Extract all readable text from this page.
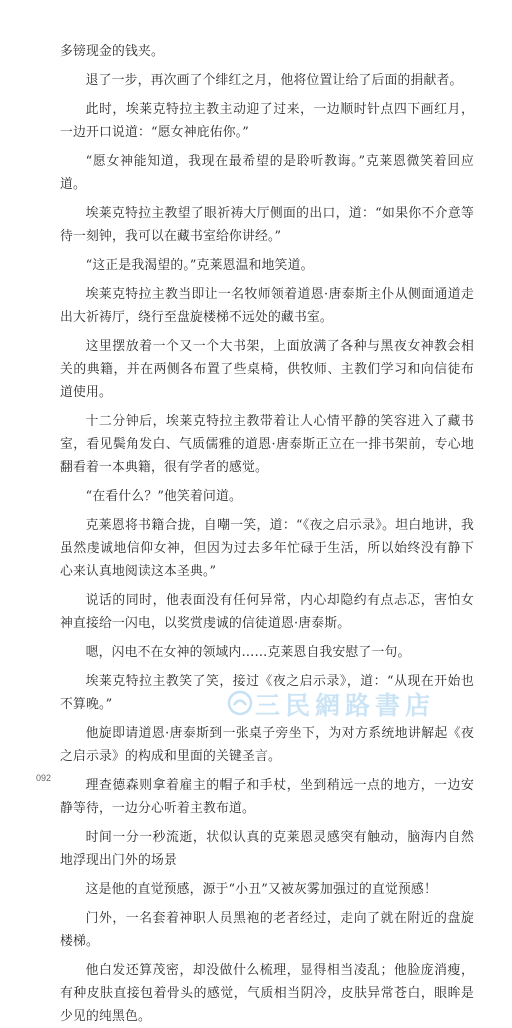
多镑现金的钱夹。

退了一步，再次画了个绯红之月，他将位置让给了后面的捐献者。

此时，埃莱克特拉主教主动迎了过来，一边顺时针点四下画红月，一边开口说道：“愿女神庇佑你。”

“愿女神能知道，我现在最希望的是聆听教诲。”克莱恩微笑着回应道。

埃莱克特拉主教望了眼祈祷大厅侧面的出口，道：“如果你不介意等待一刻钟，我可以在藏书室给你讲经。”

“这正是我渴望的。”克莱恩温和地笑道。

埃莱克特拉主教当即让一名牧师领着道恩·唐泰斯主仆从侧面通道走出大祈祷厅，绕行至盘旋楼梯不远处的藏书室。

这里摆放着一个又一个大书架，上面放满了各种与黑夜女神教会相关的典籍，并在两侧各布置了些桌椅，供牧师、主教们学习和向信徒布道使用。

十二分钟后，埃莱克特拉主教带着让人心情平静的笑容进入了藏书室，看见鬓角发白、气质儒雅的道恩·唐泰斯正立在一排书架前，专心地翻看着一本典籍，很有学者的感觉。

“在看什么？”他笑着问道。

克莱恩将书籍合拢，自嘲一笑，道：“《夜之启示录》。坦白地讲，我虽然虔诚地信仰女神，但因为过去多年忙碌于生活，所以始终没有静下心来认真地阅读这本圣典。”

说话的同时，他表面没有任何异常，内心却隐约有点忐忑，害怕女神直接给一闪电，以奖赏虔诚的信徒道恩·唐泰斯。

嗯，闪电不在女神的领域内……克莱恩自我安慰了一句。

埃莱克特拉主教笑了笑，接过《夜之启示录》，道：“从现在开始也不算晚。”

他旋即请道恩·唐泰斯到一张桌子旁坐下，为对方系统地讲解起《夜之启示录》的构成和里面的关键圣言。

理查德森则拿着雇主的帽子和手杖，坐到稍远一点的地方，一边安静等待，一边分心听着主教布道。

时间一分一秒流逝，状似认真的克莱恩灵感突有触动，脑海内自然地浮现出门外的场景

这是他的直觉预感，源于“小丑”又被灰雾加强过的直觉预感！

门外，一名套着神职人员黑袍的老者经过，走向了就在附近的盘旋楼梯。

他白发还算茂密，却没做什么梳理，显得相当凌乱；他脸庞消瘦，有种皮肤直接包着骨头的感觉，气质相当阴冷，皮肤异常苍白，眼眸是少见的纯黑色。

三民網路書店
092
